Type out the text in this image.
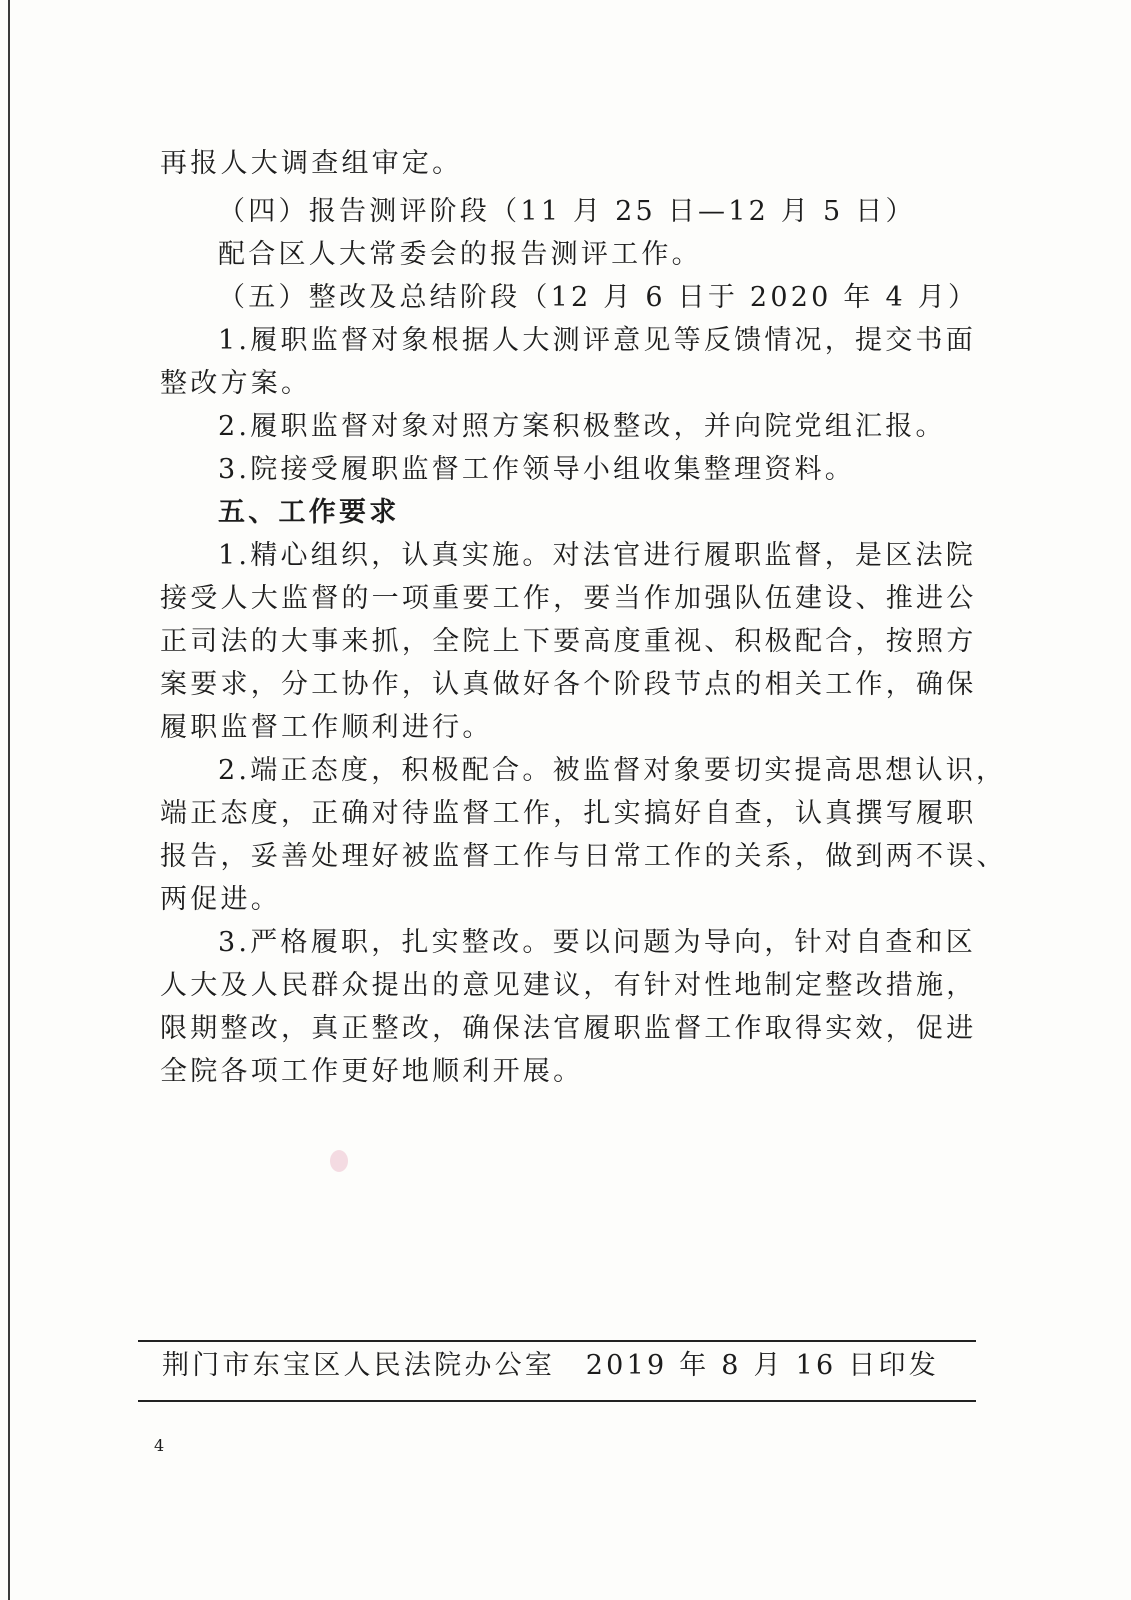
再报人大调查组审定。
（四）报告测评阶段（11 月 25 日—12 月 5 日）
配合区人大常委会的报告测评工作。
（五）整改及总结阶段（12 月 6 日于 2020 年 4 月）
1.履职监督对象根据人大测评意见等反馈情况，提交书面
整改方案。
2.履职监督对象对照方案积极整改，并向院党组汇报。
3.院接受履职监督工作领导小组收集整理资料。
五、工作要求
1.精心组织，认真实施。对法官进行履职监督，是区法院
接受人大监督的一项重要工作，要当作加强队伍建设、推进公
正司法的大事来抓，全院上下要高度重视、积极配合，按照方
案要求，分工协作，认真做好各个阶段节点的相关工作，确保
履职监督工作顺利进行。
2.端正态度，积极配合。被监督对象要切实提高思想认识，
端正态度，正确对待监督工作，扎实搞好自查，认真撰写履职
报告，妥善处理好被监督工作与日常工作的关系，做到两不误、
两促进。
3.严格履职，扎实整改。要以问题为导向，针对自查和区
人大及人民群众提出的意见建议，有针对性地制定整改措施，
限期整改，真正整改，确保法官履职监督工作取得实效，促进
全院各项工作更好地顺利开展。
荆门市东宝区人民法院办公室 2019 年 8 月 16 日印发
4
